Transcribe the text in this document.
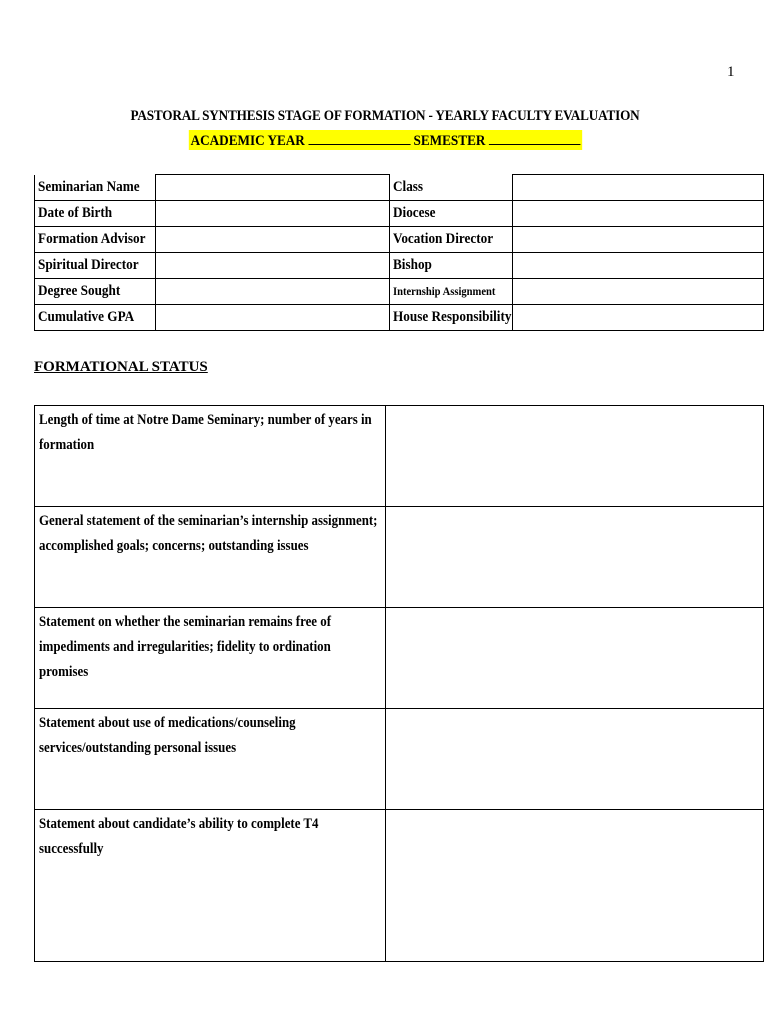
1
PASTORAL SYNTHESIS STAGE OF FORMATION - YEARLY FACULTY EVALUATION
ACADEMIC YEAR	SEMESTER
Seminarian Name		Class	
Date of Birth		Diocese	
Formation Advisor		Vocation Director	
Spiritual Director		Bishop	
Degree Sought		Internship Assignment	
Cumulative GPA		House Responsibility	
FORMATIONAL STATUS
Length of time at Notre Dame Seminary; number of years in formation	
General statement of the seminarian’s internship assignment; accomplished goals; concerns; outstanding issues	
Statement on whether the seminarian remains free of impediments and irregularities; fidelity to ordination promises	
Statement about use of medications/counseling services/outstanding personal issues	
Statement about candidate’s ability to complete T4 successfully	
